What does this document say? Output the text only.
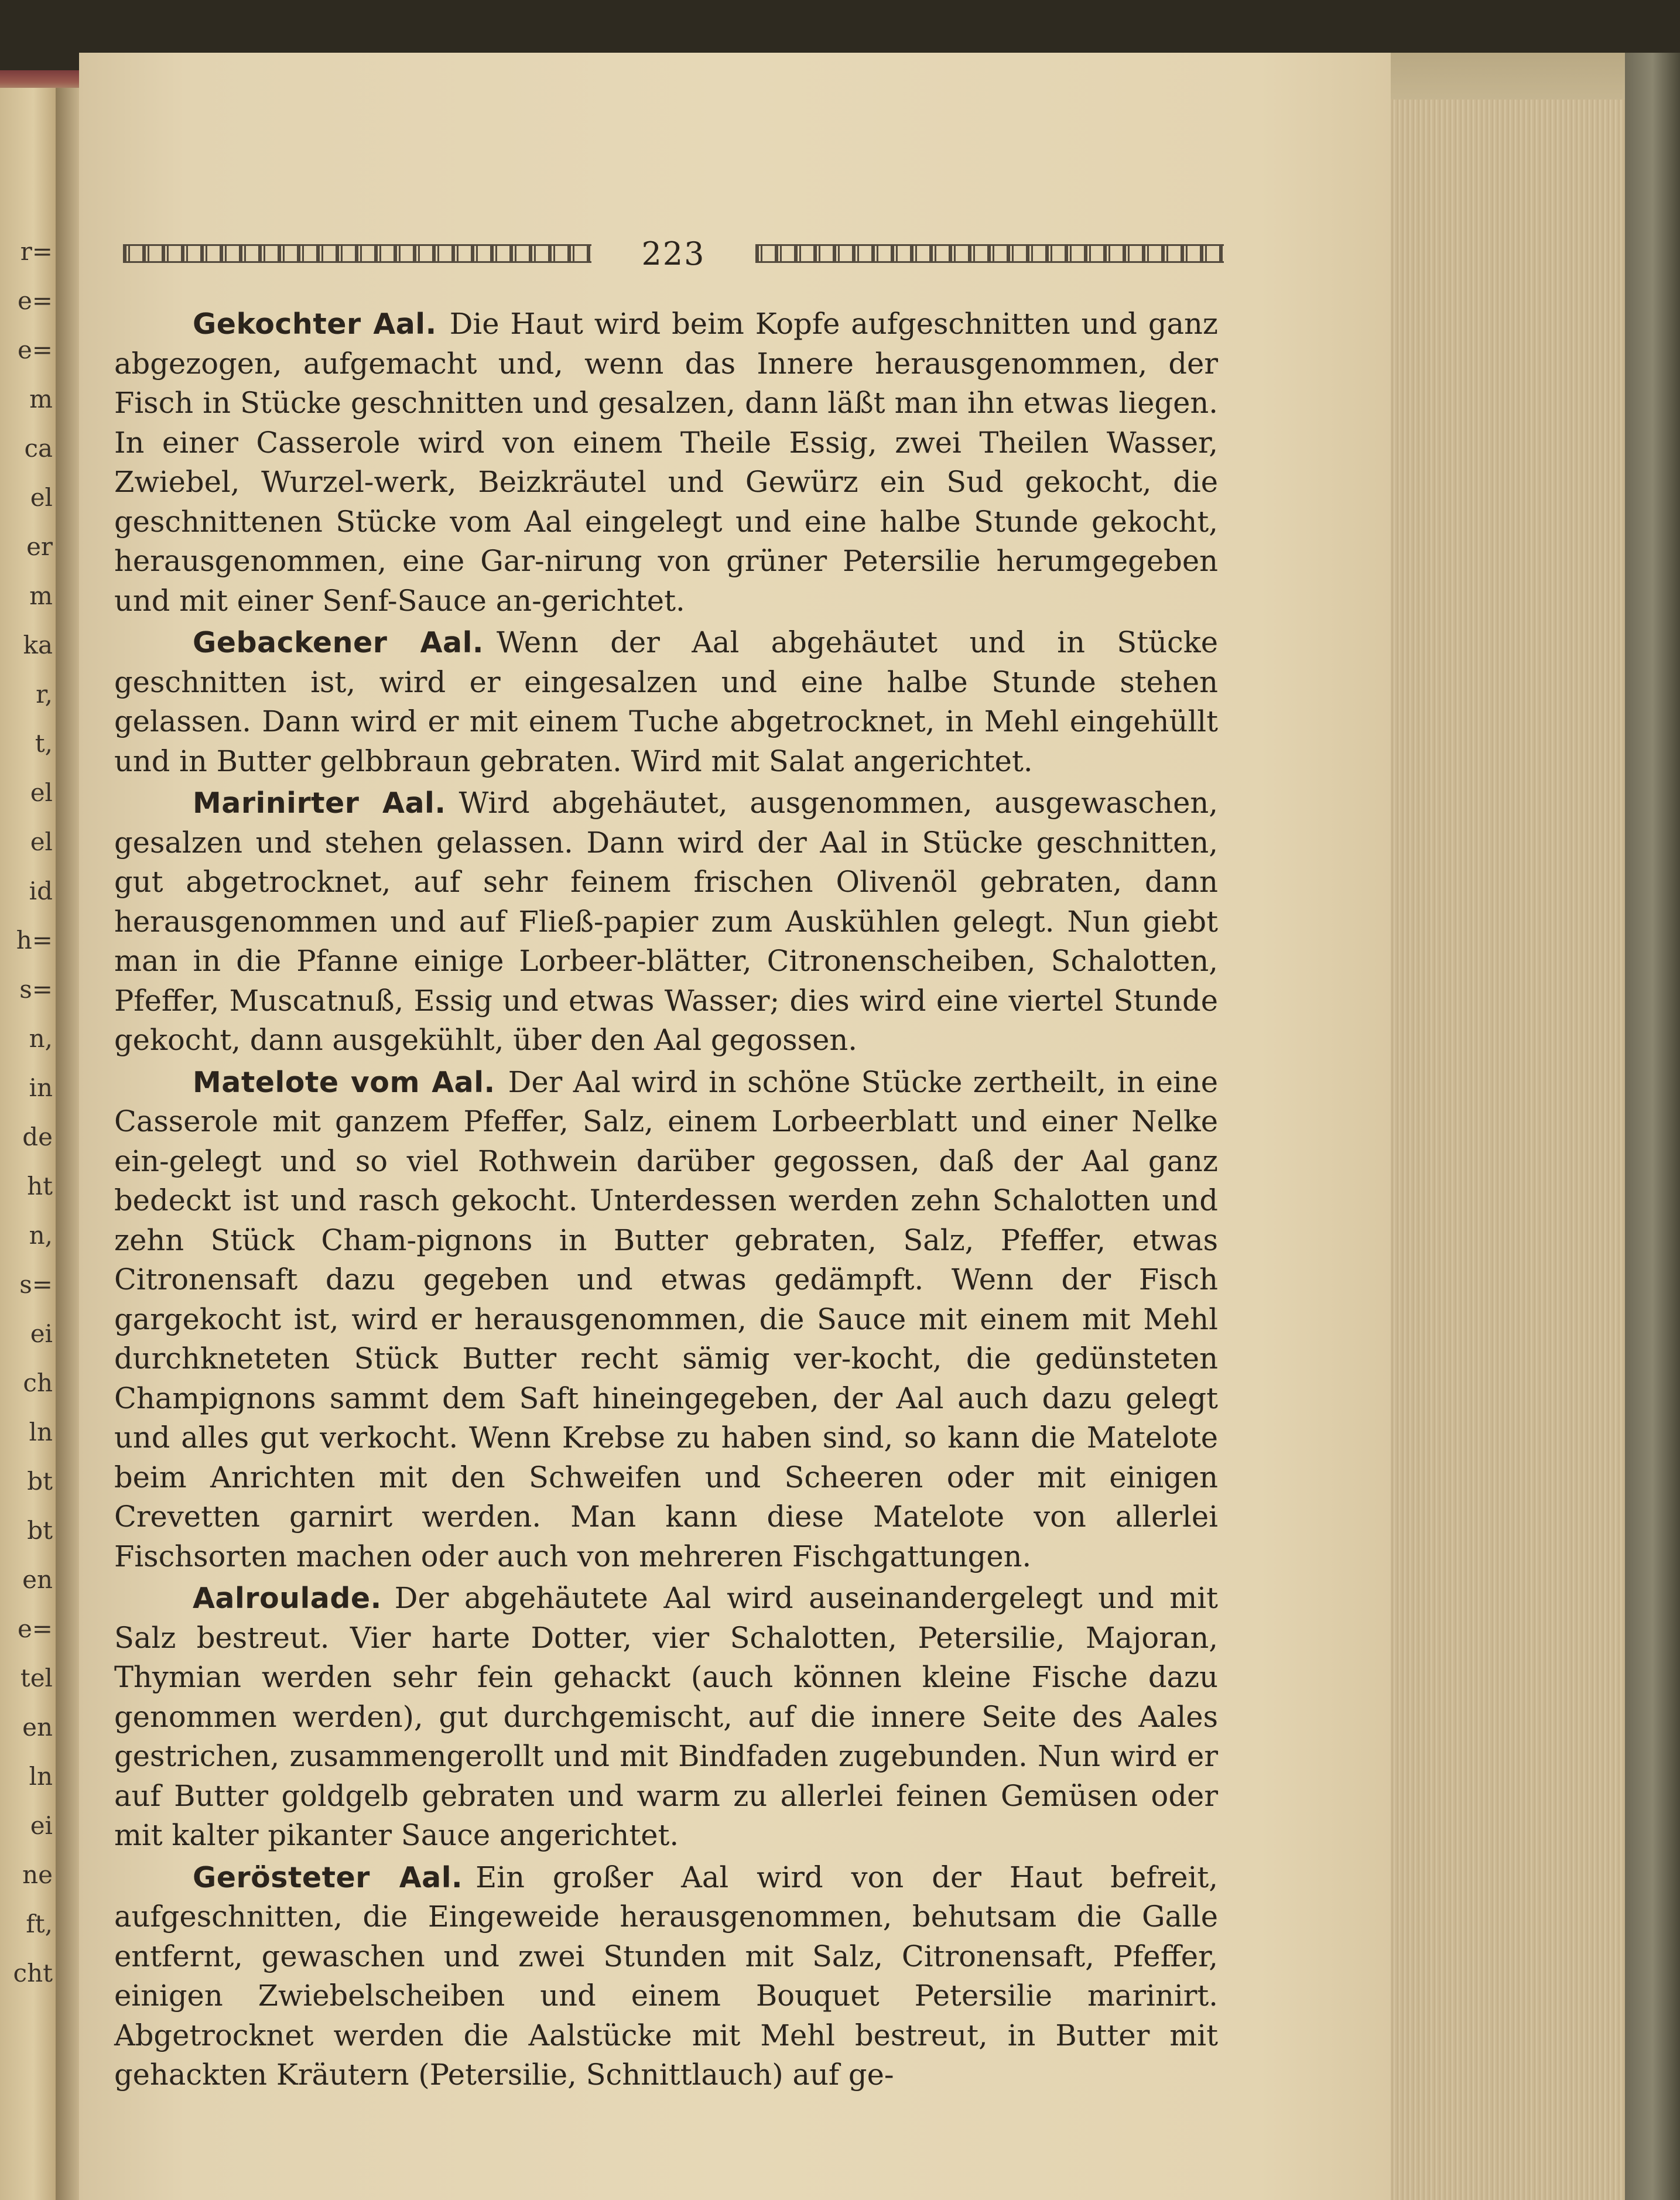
r=
e=
e=
m
ca
el
er
m
ka
r,
t,
el
el
id
h=
s=
n,
in
de
ht
n,
s=
ei
ch
ln
bt
bt
en
e=
tel
en
ln
ei
ne
ft,
cht
223

Gekochter Aal. Die Haut wird beim Kopfe aufgeschnitten und ganz abgezogen, aufgemacht und, wenn das Innere herausgenommen, der Fisch in Stücke geschnitten und gesalzen, dann läßt man ihn etwas liegen. In einer Casserole wird von einem Theile Essig, zwei Theilen Wasser, Zwiebel, Wurzel-werk, Beizkräutel und Gewürz ein Sud gekocht, die geschnittenen Stücke vom Aal eingelegt und eine halbe Stunde gekocht, herausgenommen, eine Gar-nirung von grüner Petersilie herumgegeben und mit einer Senf-Sauce an-gerichtet.

Gebackener Aal. Wenn der Aal abgehäutet und in Stücke geschnitten ist, wird er eingesalzen und eine halbe Stunde stehen gelassen. Dann wird er mit einem Tuche abgetrocknet, in Mehl eingehüllt und in Butter gelbbraun gebraten. Wird mit Salat angerichtet.

Marinirter Aal. Wird abgehäutet, ausgenommen, ausgewaschen, gesalzen und stehen gelassen. Dann wird der Aal in Stücke geschnitten, gut abgetrocknet, auf sehr feinem frischen Olivenöl gebraten, dann herausgenommen und auf Fließ-papier zum Auskühlen gelegt. Nun giebt man in die Pfanne einige Lorbeer-blätter, Citronenscheiben, Schalotten, Pfeffer, Muscatnuß, Essig und etwas Wasser; dies wird eine viertel Stunde gekocht, dann ausgekühlt, über den Aal gegossen.

Matelote vom Aal. Der Aal wird in schöne Stücke zertheilt, in eine Casserole mit ganzem Pfeffer, Salz, einem Lorbeerblatt und einer Nelke ein-gelegt und so viel Rothwein darüber gegossen, daß der Aal ganz bedeckt ist und rasch gekocht. Unterdessen werden zehn Schalotten und zehn Stück Cham-pignons in Butter gebraten, Salz, Pfeffer, etwas Citronensaft dazu gegeben und etwas gedämpft. Wenn der Fisch gargekocht ist, wird er herausgenommen, die Sauce mit einem mit Mehl durchkneteten Stück Butter recht sämig ver-kocht, die gedünsteten Champignons sammt dem Saft hineingegeben, der Aal auch dazu gelegt und alles gut verkocht. Wenn Krebse zu haben sind, so kann die Matelote beim Anrichten mit den Schweifen und Scheeren oder mit einigen Crevetten garnirt werden. Man kann diese Matelote von allerlei Fischsorten machen oder auch von mehreren Fischgattungen.

Aalroulade. Der abgehäutete Aal wird auseinandergelegt und mit Salz bestreut. Vier harte Dotter, vier Schalotten, Petersilie, Majoran, Thymian werden sehr fein gehackt (auch können kleine Fische dazu genommen werden), gut durchgemischt, auf die innere Seite des Aales gestrichen, zusammengerollt und mit Bindfaden zugebunden. Nun wird er auf Butter goldgelb gebraten und warm zu allerlei feinen Gemüsen oder mit kalter pikanter Sauce angerichtet.

Gerösteter Aal. Ein großer Aal wird von der Haut befreit, aufgeschnitten, die Eingeweide herausgenommen, behutsam die Galle entfernt, gewaschen und zwei Stunden mit Salz, Citronensaft, Pfeffer, einigen Zwiebelscheiben und einem Bouquet Petersilie marinirt. Abgetrocknet werden die Aalstücke mit Mehl bestreut, in Butter mit gehackten Kräutern (Petersilie, Schnittlauch) auf ge-
